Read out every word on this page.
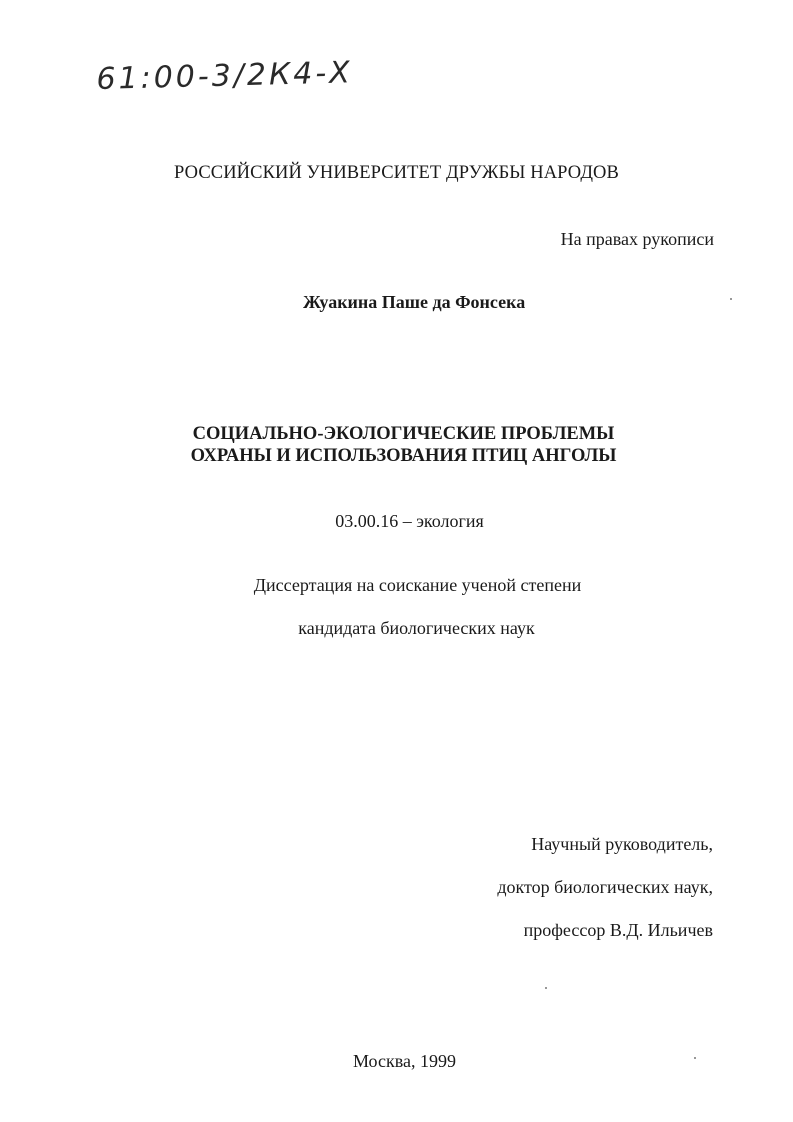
61:00-3/2К4-Х
РОССИЙСКИЙ УНИВЕРСИТЕТ ДРУЖБЫ НАРОДОВ
На правах рукописи
Жуакина Паше да Фонсека
СОЦИАЛЬНО-ЭКОЛОГИЧЕСКИЕ ПРОБЛЕМЫ
ОХРАНЫ И ИСПОЛЬЗОВАНИЯ ПТИЦ АНГОЛЫ
03.00.16 – экология
Диссертация на соискание ученой степени
кандидата биологических наук
Научный руководитель,
доктор биологических наук,
профессор В.Д. Ильичев
Москва, 1999
